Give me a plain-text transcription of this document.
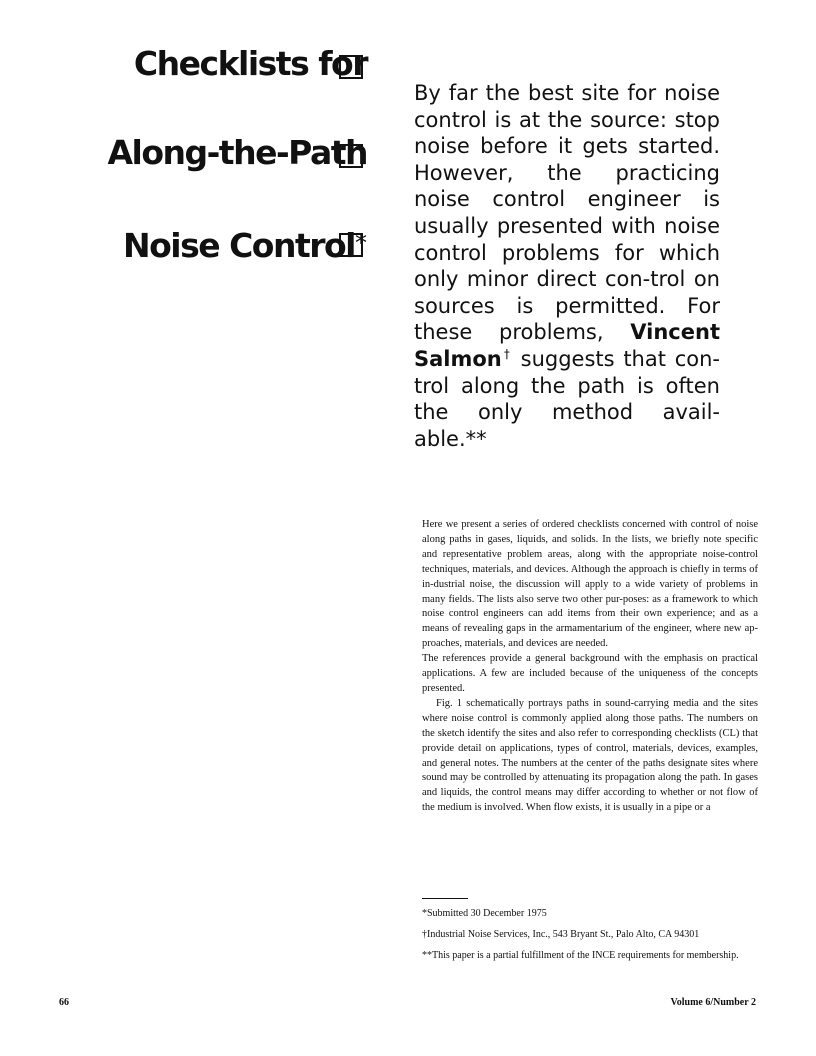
Checklists for
Along-the-Path
Noise Control*

By far the best site for noise control is at the source: stop noise before it gets started. However, the practicing noise control engineer is usually presented with noise control problems for which only minor direct con-trol on sources is permitted. For these problems, Vincent Salmon† suggests that con-trol along the path is often the only method avail-able.**

Here we present a series of ordered checklists concerned with control of noise along paths in gases, liquids, and solids. In the lists, we briefly note specific and representative problem areas, along with the appropriate noise-control techniques, materials, and devices. Although the approach is chiefly in terms of in-dustrial noise, the discussion will apply to a wide variety of problems in many fields. The lists also serve two other pur-poses: as a framework to which noise control engineers can add items from their own experience; and as a means of revealing gaps in the armamentarium of the engineer, where new ap-proaches, materials, and devices are needed.

The references provide a general background with the emphasis on practical applications. A few are included because of the uniqueness of the concepts presented.

Fig. 1 schematically portrays paths in sound-carrying media and the sites where noise control is commonly applied along those paths. The numbers on the sketch identify the sites and also refer to corresponding checklists (CL) that provide detail on applications, types of control, materials, devices, examples, and general notes. The numbers at the center of the paths designate sites where sound may be controlled by attenuating its propagation along the path. In gases and liquids, the control means may differ according to whether or not flow of the medium is involved. When flow exists, it is usually in a pipe or a

*Submitted 30 December 1975

†Industrial Noise Services, Inc., 543 Bryant St., Palo Alto, CA 94301

**This paper is a partial fulfillment of the INCE requirements for membership.

66	Volume 6/Number 2
